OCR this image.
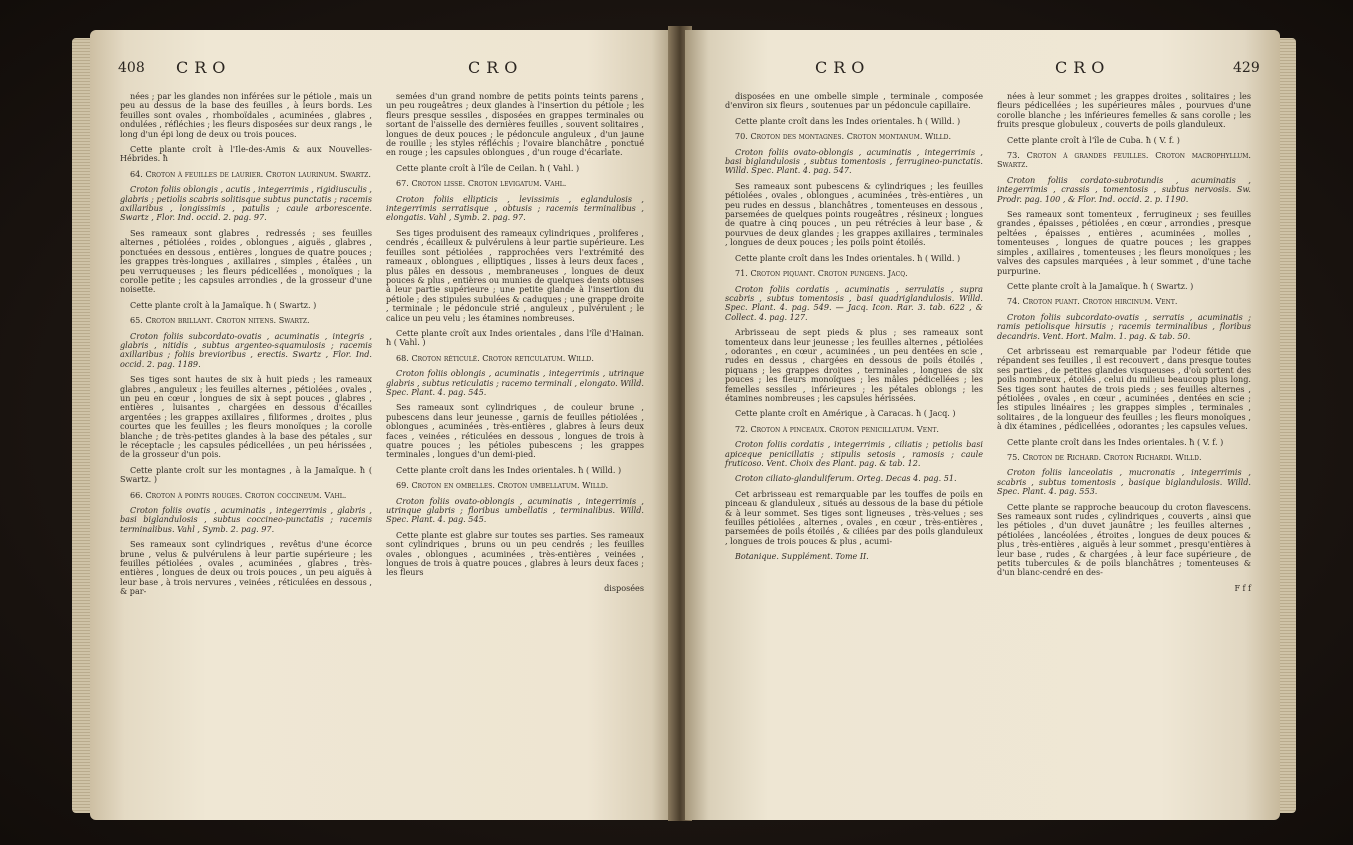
408 CRO	CRO

nées ; par les glandes non inférées sur le pétiole , mais un peu au dessus de la base des feuilles , à leurs bords. Les feuilles sont ovales , rhomboïdales , acuminées , glabres , ondulées , réfléchies ; les fleurs disposées sur deux rangs , le long d'un épi long de deux ou trois pouces.

Cette plante croît à l'Ile-des-Amis & aux Nouvelles-Hébrides. ħ

64. Croton à feuilles de laurier. Croton laurinum. Swartz.

Croton foliis oblongis , acutis , integerrimis , rigidiusculis , glabris ; petiolis scabris solitisque subtus punctatis ; racemis axillaribus , longissimis , patulis ; caule arborescente. Swartz , Flor. Ind. occid. 2. pag. 97.

Ses rameaux sont glabres , redressés ; ses feuilles alternes , pétiolées , roides , oblongues , aiguës , glabres , ponctuées en dessous , entières , longues de quatre pouces ; les grappes très-longues , axillaires , simples , étalées , un peu verruqueuses ; les fleurs pédicellées , monoïques ; la corolle petite ; les capsules arrondies , de la grosseur d'une noisette.

Cette plante croît à la Jamaïque. ħ ( Swartz. )

65. Croton brillant. Croton nitens. Swartz.

Croton foliis subcordato-ovatis , acuminatis , integris , glabris , nitidis , subtus argenteo-squamulosis ; racemis axillaribus ; foliis brevioribus , erectis. Swartz , Flor. Ind. occid. 2. pag. 1189.

Ses tiges sont hautes de six à huit pieds ; les rameaux glabres , anguleux ; les feuilles alternes , pétiolées , ovales , un peu en cœur , longues de six à sept pouces , glabres , entières , luisantes , chargées en dessous d'écailles argentées ; les grappes axillaires , filiformes , droites , plus courtes que les feuilles ; les fleurs monoïques ; la corolle blanche ; de très-petites glandes à la base des pétales , sur le réceptacle ; les capsules pédicellées , un peu hérissées , de la grosseur d'un pois.

Cette plante croît sur les montagnes , à la Jamaïque. ħ ( Swartz. )

66. Croton à points rouges. Croton coccineum. Vahl.

Croton foliis ovatis , acuminatis , integerrimis , glabris , basi biglandulosis , subtus coccineo-punctatis ; racemis terminalibus. Vahl , Symb. 2. pag. 97.

Ses rameaux sont cylindriques , revêtus d'une écorce brune , velus & pulvérulens à leur partie supérieure ; les feuilles pétiolées , ovales , acuminées , glabres , très-entières , longues de deux ou trois pouces , un peu aiguës à leur base , à trois nervures , veinées , réticulées en dessous , & par-

semées d'un grand nombre de petits points teints parens , un peu rougeâtres ; deux glandes à l'insertion du pétiole ; les fleurs presque sessiles , disposées en grappes terminales ou sortant de l'aisselle des dernières feuilles , souvent solitaires , longues de deux pouces ; le pédoncule anguleux , d'un jaune de rouille ; les styles réfléchis ; l'ovaire blanchâtre , ponctué en rouge ; les capsules oblongues , d'un rouge d'écarlate.

Cette plante croît à l'île de Ceilan. ħ ( Vahl. )

67. Croton lisse. Croton levigatum. Vahl.

Croton foliis ellipticis , levissimis , eglandulosis , integerrimis serratisque , obtusis ; racemis terminalibus , elongatis. Vahl , Symb. 2. pag. 97.

Ses tiges produisent des rameaux cylindriques , proliferes , cendrés , écailleux & pulvérulens à leur partie supérieure. Les feuilles sont pétiolées , rapprochées vers l'extrémité des rameaux , oblongues , elliptiques , lisses à leurs deux faces , plus pâles en dessous , membraneuses , longues de deux pouces & plus , entières ou munies de quelques dents obtuses à leur partie supérieure ; une petite glande à l'insertion du pétiole ; des stipules subulées & caduques ; une grappe droite , terminale ; le pédoncule strié , anguleux , pulvérulent ; le calice un peu velu ; les étamines nombreuses.

Cette plante croît aux Indes orientales , dans l'île d'Hainan. ħ ( Vahl. )

68. Croton réticulé. Croton reticulatum. Willd.

Croton foliis oblongis , acuminatis , integerrimis , utrinque glabris , subtus reticulatis ; racemo terminali , elongato. Willd. Spec. Plant. 4. pag. 545.

Ses rameaux sont cylindriques , de couleur brune , pubescens dans leur jeunesse , garnis de feuilles pétiolées , oblongues , acuminées , très-entières , glabres à leurs deux faces , veinées , réticulées en dessous , longues de trois à quatre pouces ; les pétioles pubescens ; les grappes terminales , longues d'un demi-pied.

Cette plante croît dans les Indes orientales. ħ ( Willd. )

69. Croton en ombelles. Croton umbellatum. Willd.

Croton foliis ovato-oblongis , acuminatis , integerrimis , utrinque glabris ; floribus umbellatis , terminalibus. Willd. Spec. Plant. 4. pag. 545.

Cette plante est glabre sur toutes ses parties. Ses rameaux sont cylindriques , bruns ou un peu cendrés ; les feuilles ovales , oblongues , acuminées , très-entières , veinées , longues de trois à quatre pouces , glabres à leurs deux faces ; les fleurs

disposées

CRO	CRO	429

disposées en une ombelle simple , terminale , composée d'environ six fleurs , soutenues par un pédoncule capillaire.

Cette plante croît dans les Indes orientales. ħ ( Willd. )

70. Croton des montagnes. Croton montanum. Willd.

Croton foliis ovato-oblongis , acuminatis , integerrimis , basi biglandulosis , subtus tomentosis , ferrugineo-punctatis. Willd. Spec. Plant. 4. pag. 547.

Ses rameaux sont pubescens & cylindriques ; les feuilles pétiolées , ovales , oblongues , acuminées , très-entières , un peu rudes en dessus , blanchâtres , tomenteuses en dessous , parsemées de quelques points rougeâtres , résineux ; longues de quatre à cinq pouces , un peu rétrécies à leur base , & pourvues de deux glandes ; les grappes axillaires , terminales , longues de deux pouces ; les poils point étoilés.

Cette plante croît dans les Indes orientales. ħ ( Willd. )

71. Croton piquant. Croton pungens. Jacq.

Croton foliis cordatis , acuminatis , serrulatis , supra scabris , subtus tomentosis , basi quadriglandulosis. Willd. Spec. Plant. 4. pag. 549. — Jacq. Icon. Rar. 3. tab. 622 , & Collect. 4. pag. 127.

Arbrisseau de sept pieds & plus ; ses rameaux sont tomenteux dans leur jeunesse ; les feuilles alternes , pétiolées , odorantes , en cœur , acuminées , un peu dentées en scie , rudes en dessus , chargées en dessous de poils étoilés , piquans ; les grappes droites , terminales , longues de six pouces ; les fleurs monoïques ; les mâles pédicellées ; les femelles sessiles , inférieures ; les pétales oblongs ; les étamines nombreuses ; les capsules hérissées.

Cette plante croît en Amérique , à Caracas. ħ ( Jacq. )

72. Croton à pinceaux. Croton penicillatum. Vent.

Croton foliis cordatis , integerrimis , ciliatis ; petiolis basi apiceque penicillatis ; stipulis setosis , ramosis ; caule fruticoso. Vent. Choix des Plant. pag. & tab. 12.

Croton ciliato-glanduliferum. Orteg. Decas 4. pag. 51.

Cet arbrisseau est remarquable par les touffes de poils en pinceau & glanduleux , situés au dessous de la base du pétiole & à leur sommet. Ses tiges sont ligneuses , très-velues ; ses feuilles pétiolées , alternes , ovales , en cœur , très-entières , parsemées de poils étoilés , & ciliées par des poils glanduleux , longues de trois pouces & plus , acumi-

Botanique. Supplément. Tome II.

nées à leur sommet ; les grappes droites , solitaires ; les fleurs pédicellées ; les supérieures mâles , pourvues d'une corolle blanche ; les inférieures femelles & sans corolle ; les fruits presque globuleux , couverts de poils glanduleux.

Cette plante croît à l'île de Cuba. ħ ( V. f. )

73. Croton à grandes feuilles. Croton macrophyllum. Swartz.

Croton foliis cordato-subrotundis , acuminatis , integerrimis , crassis , tomentosis , subtus nervosis. Sw. Prodr. pag. 100 , & Flor. Ind. occid. 2. p. 1190.

Ses rameaux sont tomenteux , ferrugineux ; ses feuilles grandes , épaisses , pétiolées , en cœur , arrondies , presque peltées , épaisses , entières , acuminées , molles , tomenteuses , longues de quatre pouces ; les grappes simples , axillaires , tomenteuses ; les fleurs monoïques ; les valves des capsules marquées , à leur sommet , d'une tache purpurine.

Cette plante croît à la Jamaïque. ħ ( Swartz. )

74. Croton puant. Croton hircinum. Vent.

Croton foliis subcordato-ovatis , serratis , acuminatis ; ramis petiolisque hirsutis ; racemis terminalibus , floribus decandris. Vent. Hort. Malm. 1. pag. & tab. 50.

Cet arbrisseau est remarquable par l'odeur fétide que répandent ses feuilles , il est recouvert , dans presque toutes ses parties , de petites glandes visqueuses , d'où sortent des poils nombreux , étoilés , celui du milieu beaucoup plus long. Ses tiges sont hautes de trois pieds ; ses feuilles alternes , pétiolées , ovales , en cœur , acuminées , dentées en scie ; les stipules linéaires ; les grappes simples , terminales , solitaires , de la longueur des feuilles ; les fleurs monoïques , à dix étamines , pédicellées , odorantes ; les capsules velues.

Cette plante croît dans les Indes orientales. ħ ( V. f. )

75. Croton de Richard. Croton Richardi. Willd.

Croton foliis lanceolatis , mucronatis , integerrimis , scabris , subtus tomentosis , basique biglandulosis. Willd. Spec. Plant. 4. pag. 553.

Cette plante se rapproche beaucoup du croton flavescens. Ses rameaux sont rudes , cylindriques , couverts , ainsi que les pétioles , d'un duvet jaunâtre ; les feuilles alternes , pétiolées , lancéolées , étroites , longues de deux pouces & plus , très-entières , aiguës à leur sommet , presqu'entières à leur base , rudes , & chargées , à leur face supérieure , de petits tubercules & de poils blanchâtres ; tomenteuses & d'un blanc-cendré en des-

F f f
